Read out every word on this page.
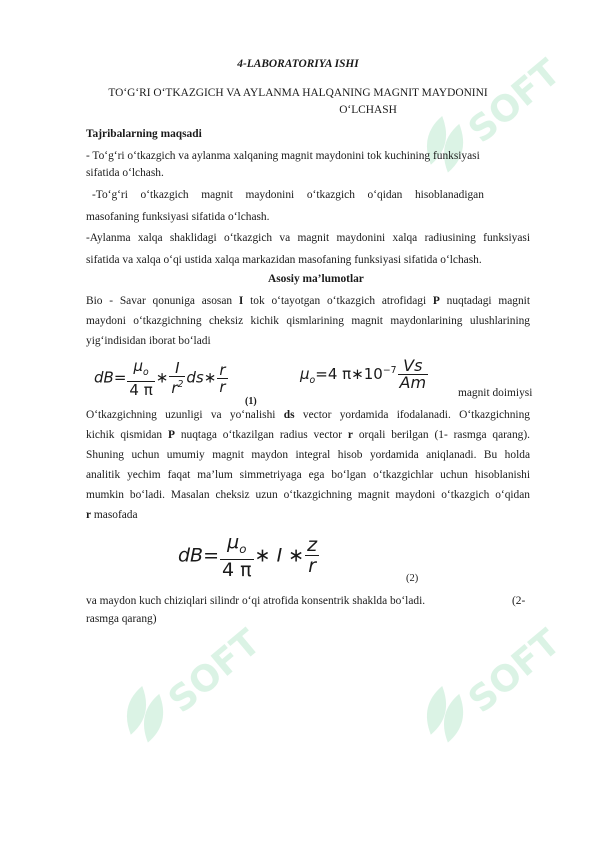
SOFT
SOFT	SOFT
4-LABORATORIYA ISHI
TO‘G‘RI O‘TKAZGICH VA AYLANMA HALQANING MAGNIT MAYDONINI
O‘LCHASH
Tajribalarning maqsadi
- To‘g‘ri o‘tkazgich va aylanma xalqaning magnit maydonini tok kuchining funksiyasi
sifatida o‘lchash.
-To‘g‘ri o‘tkazgich magnit maydonini o‘tkazgich o‘qidan hisoblanadigan
masofaning funksiyasi sifatida o‘lchash.
-Aylanma xalqa shaklidagi o‘tkazgich va magnit maydonini xalqa radiusining funksiyasi
sifatida va xalqa o‘qi ustida xalqa markazidan masofaning funksiyasi sifatida o‘lchash.
Asosiy ma’lumotlar
Bio - Savar qonuniga asosan I tok o‘tayotgan o‘tkazgich atrofidagi P nuqtadagi magnit
maydoni o‘tkazgichning cheksiz kichik qismlarining magnit maydonlarining ulushlarining
yig‘indisidan iborat bo‘ladi
$dB= \frac{\mu_o}{4 \pi}$ ∗ $\frac{I}{r^2}$ ds∗ $\frac{r}{r}$
(1)
$\mu_o=4$ $\pi∗10^{-7} \frac{Vs}{Am}$
magnit doimiysi
O‘tkazgichning uzunligi va yo‘nalishi ds vector yordamida ifodalanadi. O‘tkazgichning
kichik qismidan P nuqtaga o‘tkazilgan radius vector r orqali berilgan (1- rasmga qarang).
Shuning uchun umumiy magnit maydon integral hisob yordamida aniqlanadi. Bu holda
analitik yechim faqat ma’lum simmetriyaga ega bo‘lgan o‘tkazgichlar uchun hisoblanishi
mumkin bo‘ladi. Masalan cheksiz uzun o‘tkazgichning magnit maydoni o‘tkazgich o‘qidan
r masofada
$dB= \frac{\mu_o}{4 \pi}$ ∗ I ∗ $\frac{z}{r}$
(2)
va maydon kuch chiziqlari silindr o‘qi atrofida konsentrik shaklda bo‘ladi.	(2-
rasmga qarang)
